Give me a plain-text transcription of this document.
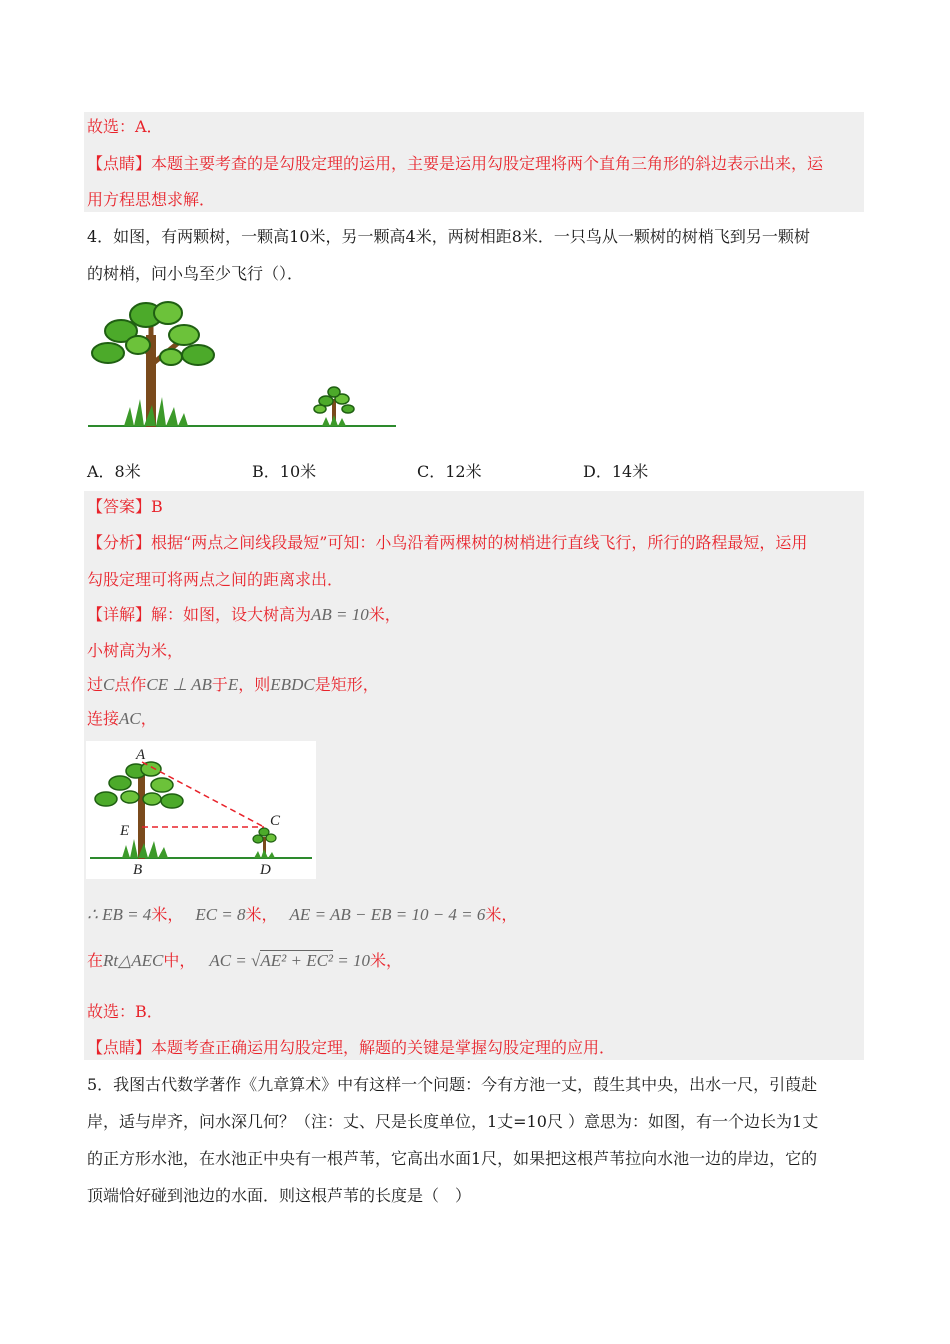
故选：A．
【点睛】本题主要考查的是勾股定理的运用，主要是运用勾股定理将两个直角三角形的斜边表示出来，运
用方程思想求解．
4．如图，有两颗树，一颗高10米，另一颗高4米，两树相距8米．一只鸟从一颗树的树梢飞到另一颗树
的树梢，问小鸟至少飞行（）．
A．8米	B．10米	C．12米	D．14米
【答案】B
【分析】根据“两点之间线段最短”可知：小鸟沿着两棵树的树梢进行直线飞行，所行的路程最短，运用
勾股定理可将两点之间的距离求出．
【详解】解：如图，设大树高为AB = 10米，
小树高为米，
过C点作CE ⊥ AB于E，则EBDC是矩形，
连接AC，
A
E
B
C
D
∴ EB = 4米， EC = 8米， AE = AB − EB = 10 − 4 = 6米，
在Rt△AEC中， AC = √AE² + EC² = 10米，
故选：B．
【点睛】本题考查正确运用勾股定理，解题的关键是掌握勾股定理的应用．
5．我图古代数学著作《九章算术》中有这样一个问题：今有方池一丈，葭生其中央，出水一尺，引葭赴
岸，适与岸齐，问水深几何？（注：丈、尺是长度单位，1丈=10尺 ）意思为：如图，有一个边长为1丈
的正方形水池，在水池正中央有一根芦苇，它高出水面1尺，如果把这根芦苇拉向水池一边的岸边，它的
顶端恰好碰到池边的水面．则这根芦苇的长度是（　）
